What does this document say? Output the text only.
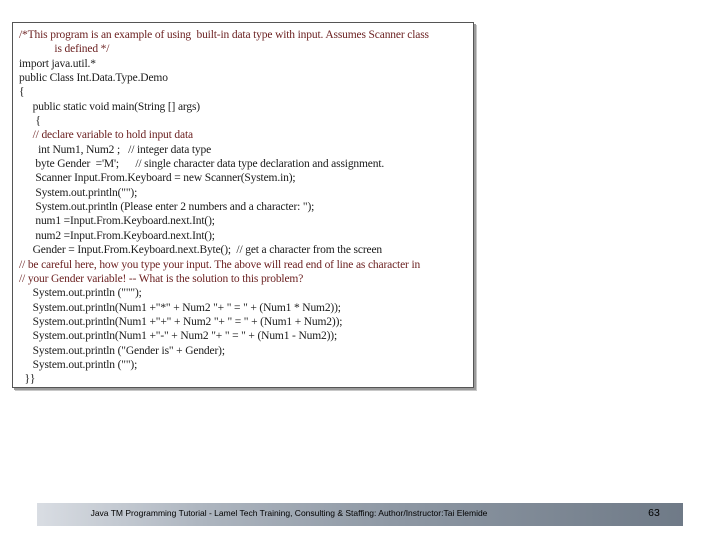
/*This program is an example of using  built-in data type with input. Assumes Scanner class
is defined */
import java.util.*
public Class Int.Data.Type.Demo
{
public static void main(String [] args)
{
// declare variable to hold input data
int Num1, Num2 ;   // integer data type
byte Gender  ='M';      // single character data type declaration and assignment.
Scanner Input.From.Keyboard = new Scanner(System.in);
System.out.println("");
System.out.println (Please enter 2 numbers and a character: ");
num1 =Input.From.Keyboard.next.Int();
num2 =Input.From.Keyboard.next.Int();
Gender = Input.From.Keyboard.next.Byte();  // get a character from the screen
// be careful here, how you type your input. The above will read end of line as character in
// your Gender variable! -- What is the solution to this problem?
System.out.println (""");
System.out.println(Num1 +"*" + Num2 "+ " = " + (Num1 * Num2));
System.out.println(Num1 +"+" + Num2 "+ " = " + (Num1 + Num2));
System.out.println(Num1 +"-" + Num2 "+ " = " + (Num1 - Num2));
System.out.println ("Gender is" + Gender);
System.out.println ("");
}}
Java TM Programming Tutorial - Lamel Tech Training, Consulting & Staffing: Author/Instructor:Tai Elemide	63
